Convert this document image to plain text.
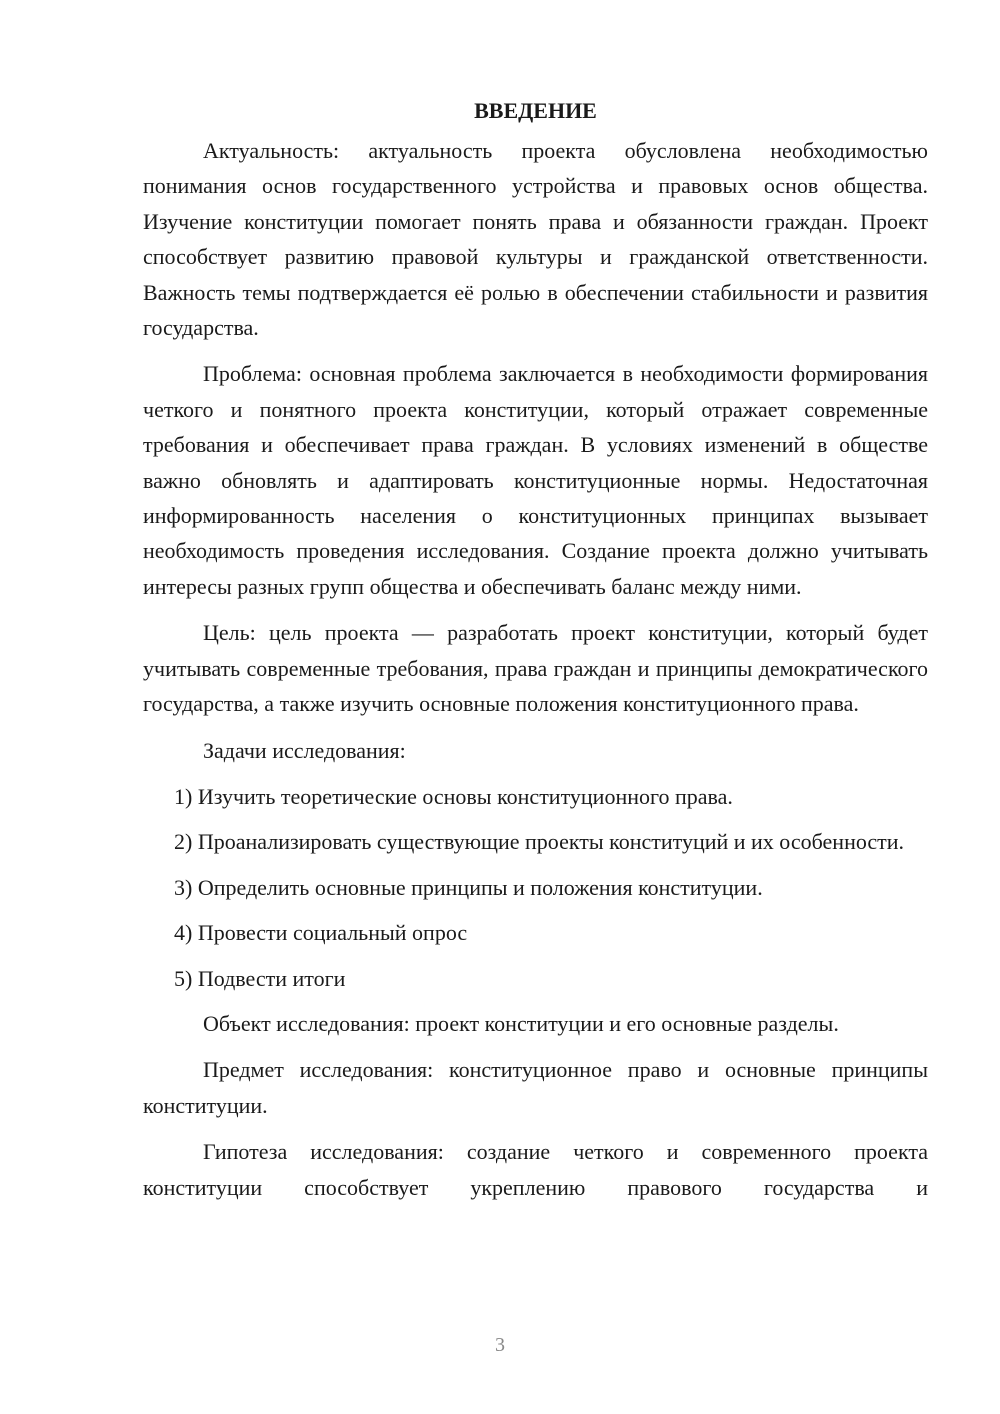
ВВЕДЕНИЕ

Актуальность: актуальность проекта обусловлена необходимостью понимания основ государственного устройства и правовых основ общества. Изучение конституции помогает понять права и обязанности граждан. Проект способствует развитию правовой культуры и гражданской ответственности. Важность темы подтверждается её ролью в обеспечении стабильности и развития государства.

Проблема: основная проблема заключается в необходимости формирования четкого и понятного проекта конституции, который отражает современные требования и обеспечивает права граждан. В условиях изменений в обществе важно обновлять и адаптировать конституционные нормы. Недостаточная информированность населения о конституционных принципах вызывает необходимость проведения исследования. Создание проекта должно учитывать интересы разных групп общества и обеспечивать баланс между ними.

Цель: цель проекта — разработать проект конституции, который будет учитывать современные требования, права граждан и принципы демократического государства, а также изучить основные положения конституционного права.

Задачи исследования:

1) Изучить теоретические основы конституционного права.

2) Проанализировать существующие проекты конституций и их особенности.

3) Определить основные принципы и положения конституции.

4) Провести социальный опрос

5) Подвести итоги

Объект исследования: проект конституции и его основные разделы.

Предмет исследования: конституционное право и основные принципы конституции.

Гипотеза исследования: создание четкого и современного проекта конституции способствует укреплению правового государства и

3
